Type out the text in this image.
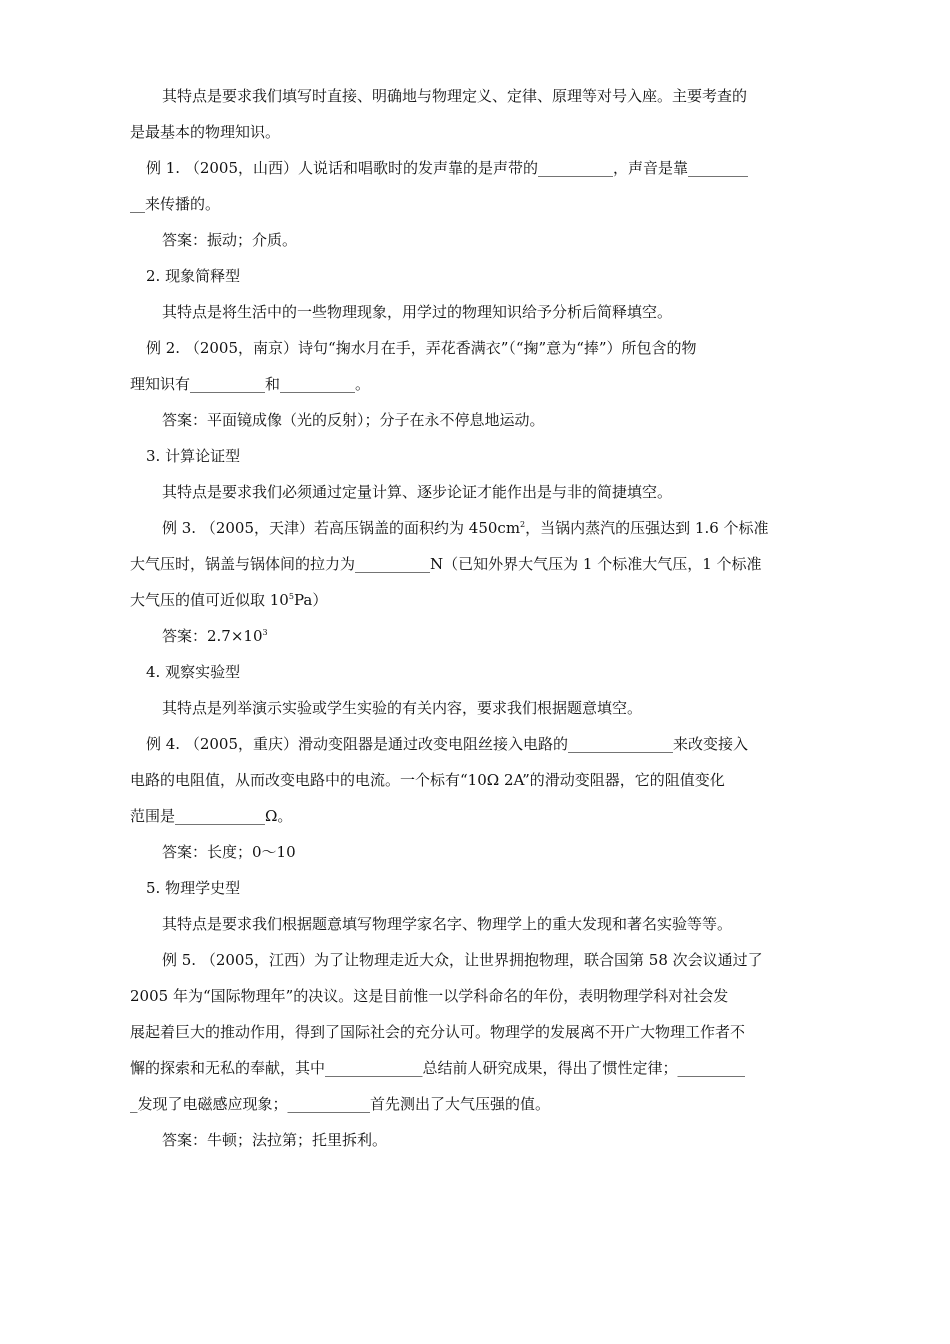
其特点是要求我们填写时直接、明确地与物理定义、定律、原理等对号入座。主要考查的

是最基本的物理知识。

例 1. （2005，山西）人说话和唱歌时的发声靠的是声带的__________，声音是靠________

__来传播的。

答案：振动；介质。

2. 现象简释型

其特点是将生活中的一些物理现象，用学过的物理知识给予分析后简释填空。

例 2. （2005，南京）诗句“掬水月在手，弄花香满衣”（“掬”意为“捧”）所包含的物

理知识有__________和__________。

答案：平面镜成像（光的反射）；分子在永不停息地运动。

3. 计算论证型

其特点是要求我们必须通过定量计算、逐步论证才能作出是与非的简捷填空。

例 3. （2005，天津）若高压锅盖的面积约为 $450cm^2$，当锅内蒸汽的压强达到 1.6 个标准

大气压时，锅盖与锅体间的拉力为__________N（已知外界大气压为 1 个标准大气压，1 个标准

大气压的值可近似取 $10^5Pa$）

答案：$2.7\times 10^3$

4. 观察实验型

其特点是列举演示实验或学生实验的有关内容，要求我们根据题意填空。

例 4. （2005，重庆）滑动变阻器是通过改变电阻丝接入电路的______________来改变接入

电路的电阻值，从而改变电路中的电流。一个标有“10Ω 2A”的滑动变阻器，它的阻值变化

范围是____________Ω。

答案：长度；0～10

5. 物理学史型

其特点是要求我们根据题意填写物理学家名字、物理学上的重大发现和著名实验等等。

例 5. （2005，江西）为了让物理走近大众，让世界拥抱物理，联合国第 58 次会议通过了

2005 年为“国际物理年”的决议。这是目前惟一以学科命名的年份，表明物理学科对社会发

展起着巨大的推动作用，得到了国际社会的充分认可。物理学的发展离不开广大物理工作者不

懈的探索和无私的奉献，其中_____________总结前人研究成果，得出了惯性定律；_________

_发现了电磁感应现象；___________首先测出了大气压强的值。

答案：牛顿；法拉第；托里拆利。
